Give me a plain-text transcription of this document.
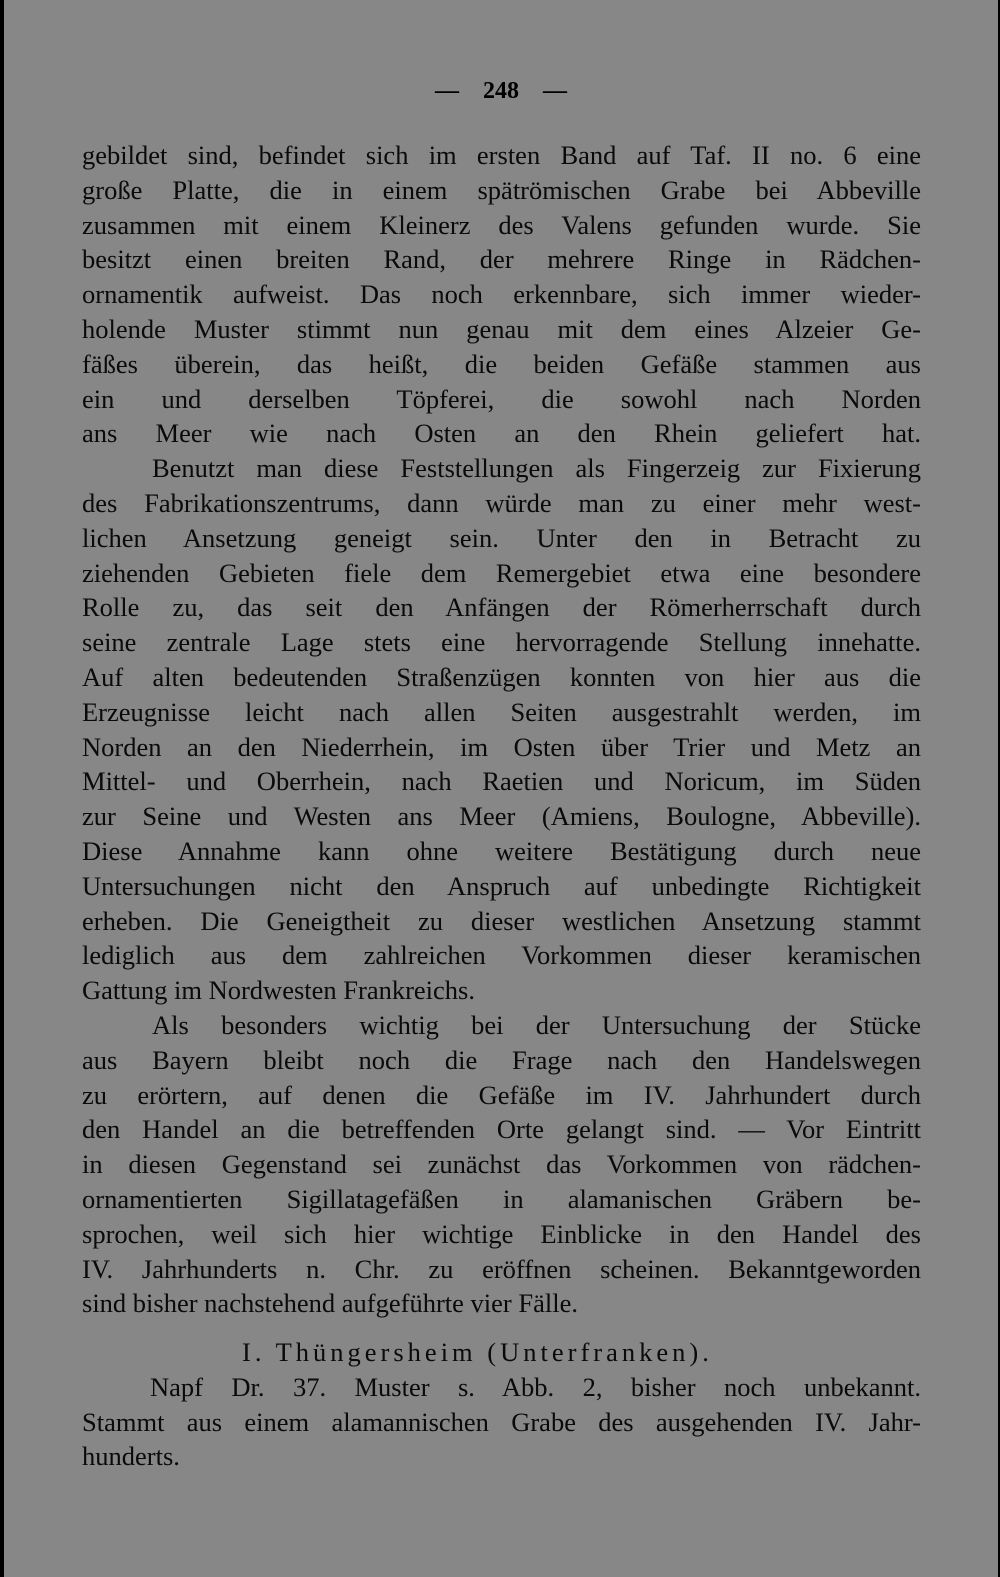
— 248 —
gebildet sind, befindet sich im ersten Band auf Taf. II no. 6 eine
große Platte, die in einem spätrömischen Grabe bei Abbeville
zusammen mit einem Kleinerz des Valens gefunden wurde. Sie
besitzt einen breiten Rand, der mehrere Ringe in Rädchen-
ornamentik aufweist. Das noch erkennbare, sich immer wieder-
holende Muster stimmt nun genau mit dem eines Alzeier Ge-
fäßes überein, das heißt, die beiden Gefäße stammen aus
ein und derselben Töpferei, die sowohl nach Norden
ans Meer wie nach Osten an den Rhein geliefert hat.
Benutzt man diese Feststellungen als Fingerzeig zur Fixierung
des Fabrikationszentrums, dann würde man zu einer mehr west-
lichen Ansetzung geneigt sein. Unter den in Betracht zu
ziehenden Gebieten fiele dem Remergebiet etwa eine besondere
Rolle zu, das seit den Anfängen der Römerherrschaft durch
seine zentrale Lage stets eine hervorragende Stellung innehatte.
Auf alten bedeutenden Straßenzügen konnten von hier aus die
Erzeugnisse leicht nach allen Seiten ausgestrahlt werden, im
Norden an den Niederrhein, im Osten über Trier und Metz an
Mittel- und Oberrhein, nach Raetien und Noricum, im Süden
zur Seine und Westen ans Meer (Amiens, Boulogne, Abbeville).
Diese Annahme kann ohne weitere Bestätigung durch neue
Untersuchungen nicht den Anspruch auf unbedingte Richtigkeit
erheben. Die Geneigtheit zu dieser westlichen Ansetzung stammt
lediglich aus dem zahlreichen Vorkommen dieser keramischen
Gattung im Nordwesten Frankreichs.
Als besonders wichtig bei der Untersuchung der Stücke
aus Bayern bleibt noch die Frage nach den Handelswegen
zu erörtern, auf denen die Gefäße im IV. Jahrhundert durch
den Handel an die betreffenden Orte gelangt sind. — Vor Eintritt
in diesen Gegenstand sei zunächst das Vorkommen von rädchen-
ornamentierten Sigillatagefäßen in alamanischen Gräbern be-
sprochen, weil sich hier wichtige Einblicke in den Handel des
IV. Jahrhunderts n. Chr. zu eröffnen scheinen. Bekanntgeworden
sind bisher nachstehend aufgeführte vier Fälle.
I. Thüngersheim (Unterfranken).
Napf Dr. 37. Muster s. Abb. 2, bisher noch unbekannt.
Stammt aus einem alamannischen Grabe des ausgehenden IV. Jahr-
hunderts.
